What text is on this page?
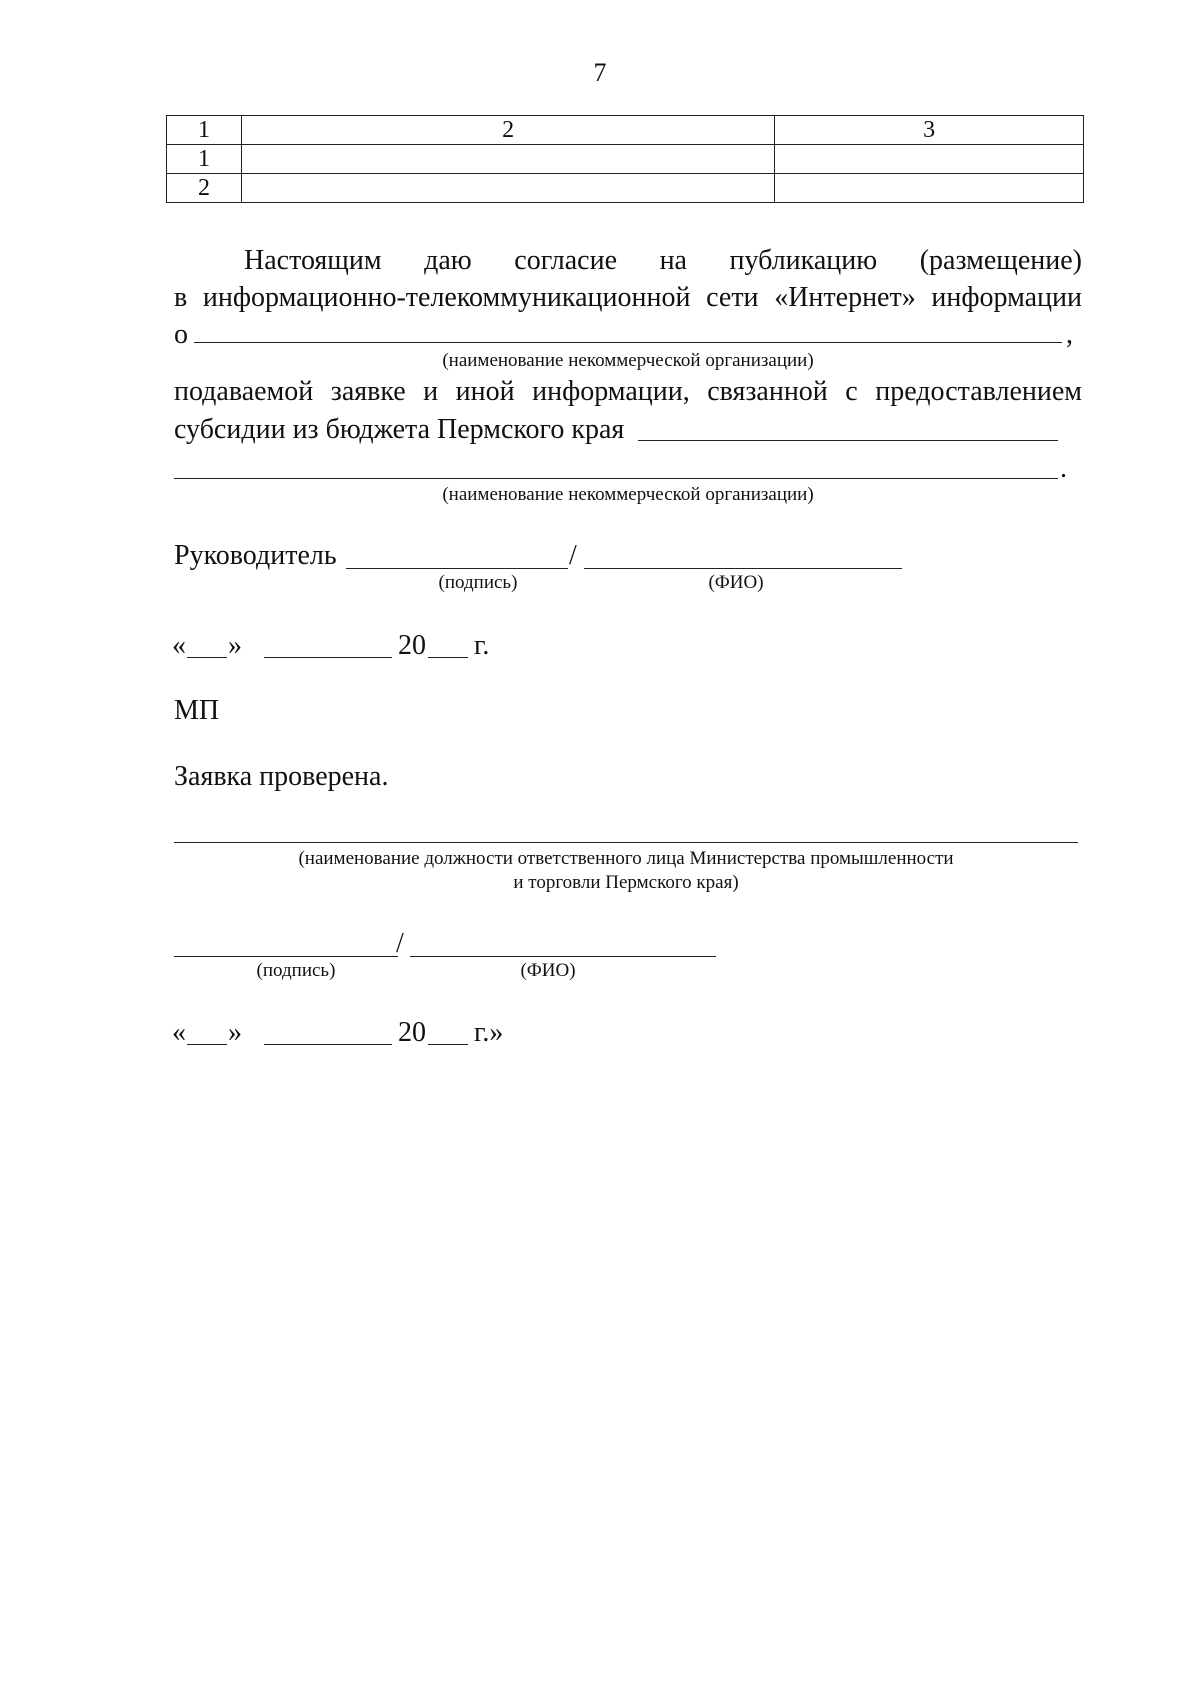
7
1	2	3
1		
2		
Настоящим даю согласие на публикацию (размещение)
в информационно-телекоммуникационной сети «Интернет» информации
о	,
(наименование некоммерческой организации)
подаваемой заявке и иной информации, связанной с предоставлением
субсидии из бюджета Пермского края
.
(наименование некоммерческой организации)
Руководитель	/
(подпись)	(ФИО)
« »	20 г.
МП
Заявка проверена.
(наименование должности ответственного лица Министерства промышленности
и торговли Пермского края)
/
(подпись)	(ФИО)
« »	20 г.»
